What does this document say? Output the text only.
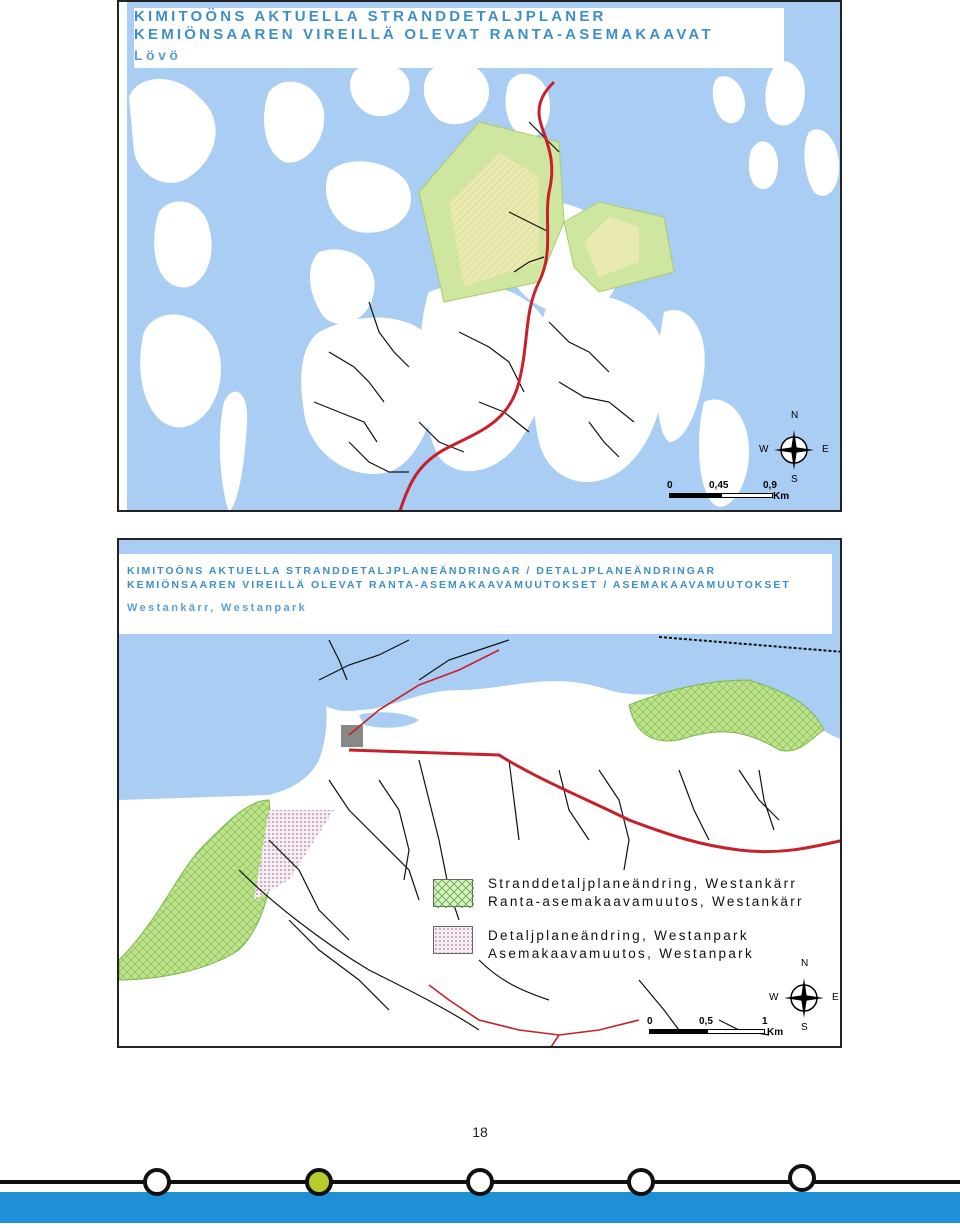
KIMITOÖNS AKTUELLA STRANDDETALJPLANER
KEMIÖNSAAREN VIREILLÄ OLEVAT RANTA-ASEMAKAAVAT
Lövö
0	0,45	0,9
Km
N
S
W	E
KIMITOÖNS AKTUELLA STRANDDETALJPLANEÄNDRINGAR / DETALJPLANEÄNDRINGAR
KEMIÖNSAAREN VIREILLÄ OLEVAT RANTA-ASEMAKAAVAMUUTOKSET / ASEMAKAAVAMUUTOKSET
Westankärr, Westanpark
Stranddetaljplaneändring, Westankärr
Ranta-asemakaavamuutos, Westankärr
Detaljplaneändring, Westanpark
Asemakaavamuutos, Westanpark
0	0,5	1
Km
N
S
W	E
18
